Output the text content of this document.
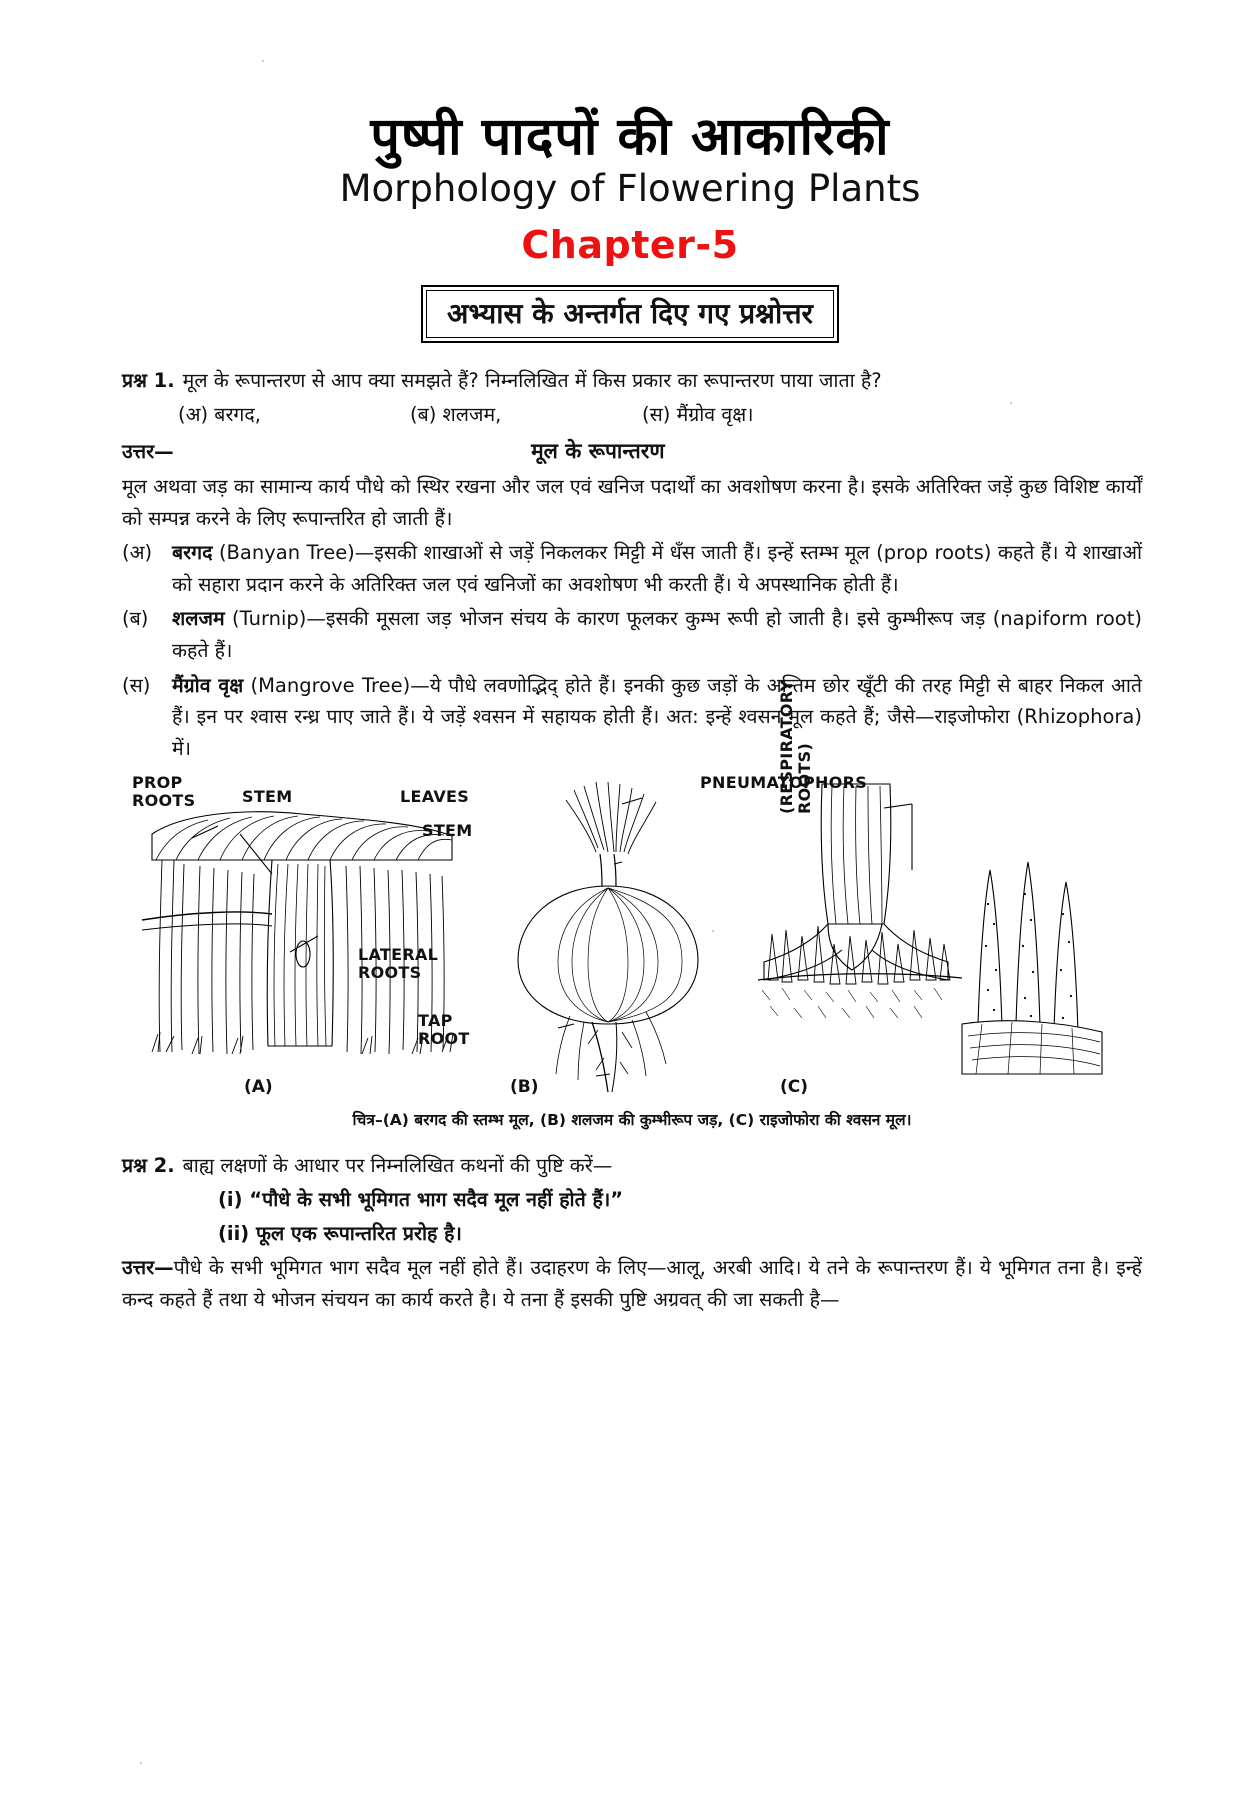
पुष्पी पादपों की आकारिकी
Morphology of Flowering Plants
Chapter-5
अभ्यास के अन्तर्गत दिए गए प्रश्नोत्तर
प्रश्न 1. मूल के रूपान्तरण से आप क्या समझते हैं? निम्नलिखित में किस प्रकार का रूपान्तरण पाया जाता है?
(अ) बरगद,	(ब) शलजम,	(स) मैंग्रोव वृक्ष।
उत्तर—	मूल के रूपान्तरण
मूल अथवा जड़ का सामान्य कार्य पौधे को स्थिर रखना और जल एवं खनिज पदार्थों का अवशोषण करना है। इसके अतिरिक्त जड़ें कुछ विशिष्ट कार्यों को सम्पन्न करने के लिए रूपान्तरित हो जाती हैं।
(अ)	बरगद (Banyan Tree)—इसकी शाखाओं से जड़ें निकलकर मिट्टी में धँस जाती हैं। इन्हें स्तम्भ मूल (prop roots) कहते हैं। ये शाखाओं को सहारा प्रदान करने के अतिरिक्त जल एवं खनिजों का अवशोषण भी करती हैं। ये अपस्थानिक होती हैं।
(ब)	शलजम (Turnip)—इसकी मूसला जड़ भोजन संचय के कारण फूलकर कुम्भ रूपी हो जाती है। इसे कुम्भीरूप जड़ (napiform root) कहते हैं।
(स)	मैंग्रोव वृक्ष (Mangrove Tree)—ये पौधे लवणोद्भिद् होते हैं। इनकी कुछ जड़ों के अन्तिम छोर खूँटी की तरह मिट्टी से बाहर निकल आते हैं। इन पर श्वास रन्ध्र पाए जाते हैं। ये जड़ें श्वसन में सहायक होती हैं। अत: इन्हें श्वसन मूल कहते हैं; जैसे—राइजोफोरा (Rhizophora) में।
PROP
ROOTS	STEM	LEAVES
STEM
LATERAL
ROOTS
TAP
ROOT
PNEUMATOPHORS
(RESPIRATORY
ROOTS)
(A)	(B)	(C)
चित्र–(A) बरगद की स्तम्भ मूल, (B) शलजम की कुम्भीरूप जड़, (C) राइजोफोरा की श्वसन मूल।
प्रश्न 2. बाह्य लक्षणों के आधार पर निम्नलिखित कथनों की पुष्टि करें—
(i) “पौधे के सभी भूमिगत भाग सदैव मूल नहीं होते हैं।”
(ii) फूल एक रूपान्तरित प्ररोह है।
उत्तर—पौधे के सभी भूमिगत भाग सदैव मूल नहीं होते हैं। उदाहरण के लिए—आलू, अरबी आदि। ये तने के रूपान्तरण हैं। ये भूमिगत तना है। इन्हें कन्द कहते हैं तथा ये भोजन संचयन का कार्य करते है। ये तना हैं इसकी पुष्टि अग्रवत् की जा सकती है—
